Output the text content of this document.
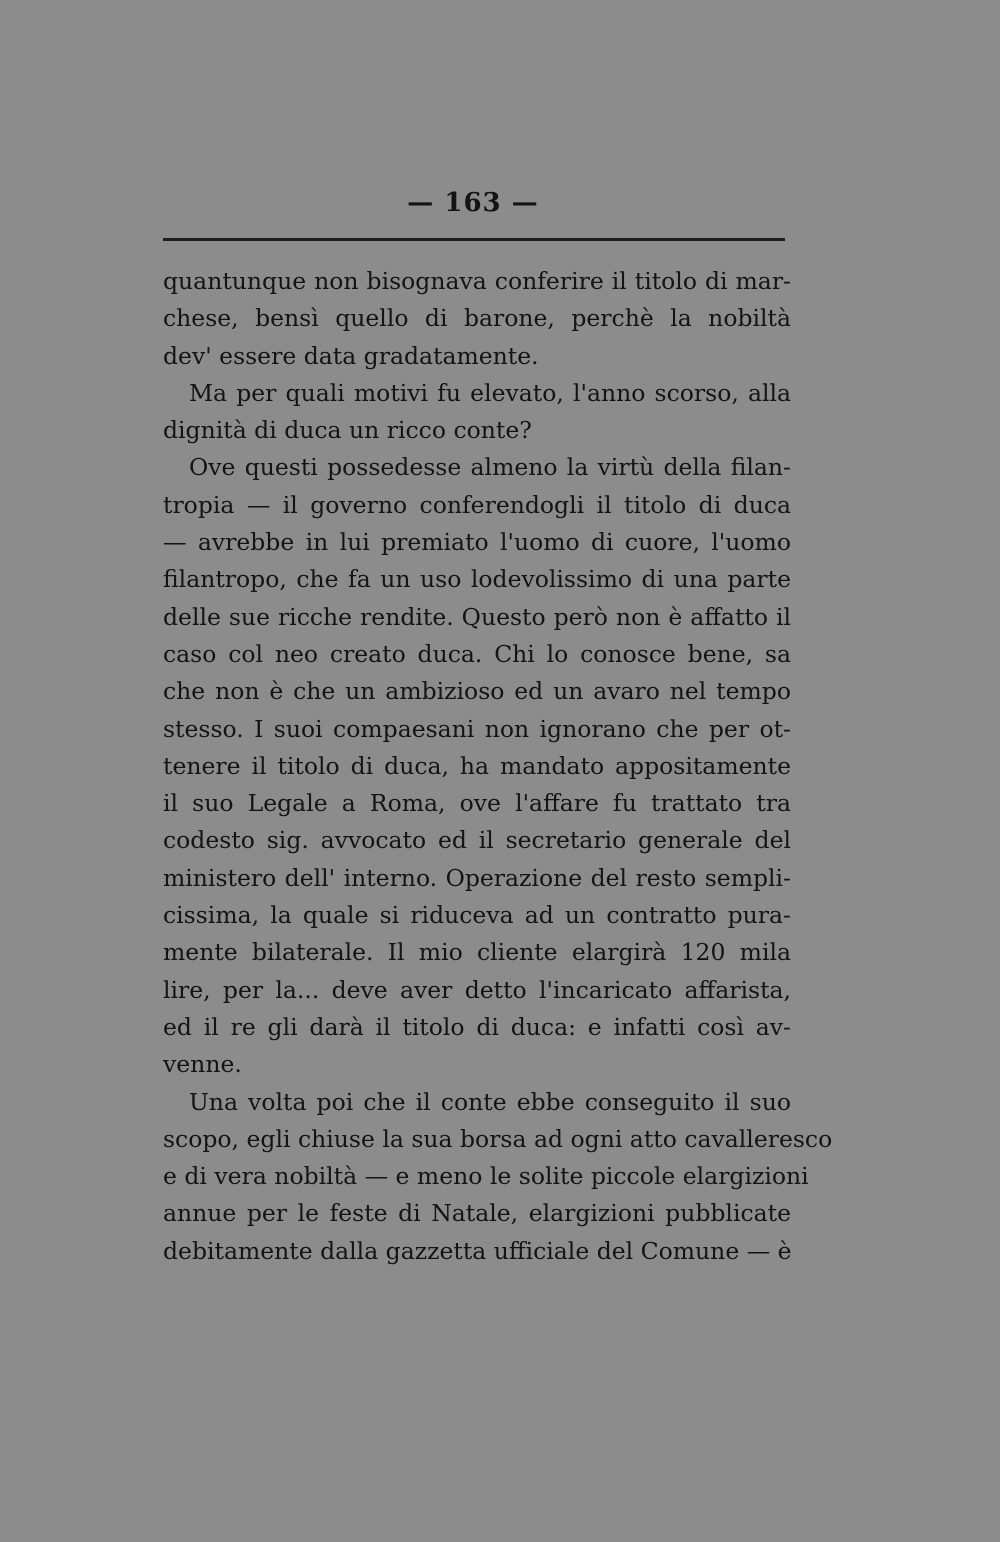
— 163 —
quantunque non bisognava conferire il titolo di mar-
chese, bensì quello di barone, perchè la nobiltà
dev' essere data gradatamente.
Ma per quali motivi fu elevato, l'anno scorso, alla
dignità di duca un ricco conte?
Ove questi possedesse almeno la virtù della filan-
tropia — il governo conferendogli il titolo di duca
— avrebbe in lui premiato l'uomo di cuore, l'uomo
filantropo, che fa un uso lodevolissimo di una parte
delle sue ricche rendite. Questo però non è affatto il
caso col neo creato duca. Chi lo conosce bene, sa
che non è che un ambizioso ed un avaro nel tempo
stesso. I suoi compaesani non ignorano che per ot-
tenere il titolo di duca, ha mandato appositamente
il suo Legale a Roma, ove l'affare fu trattato tra
codesto sig. avvocato ed il secretario generale del
ministero dell' interno. Operazione del resto sempli-
cissima, la quale si riduceva ad un contratto pura-
mente bilaterale. Il mio cliente elargirà 120 mila
lire, per la... deve aver detto l'incaricato affarista,
ed il re gli darà il titolo di duca: e infatti così av-
venne.
Una volta poi che il conte ebbe conseguito il suo
scopo, egli chiuse la sua borsa ad ogni atto cavalleresco
e di vera nobiltà — e meno le solite piccole elargizioni
annue per le feste di Natale, elargizioni pubblicate
debitamente dalla gazzetta ufficiale del Comune — è
